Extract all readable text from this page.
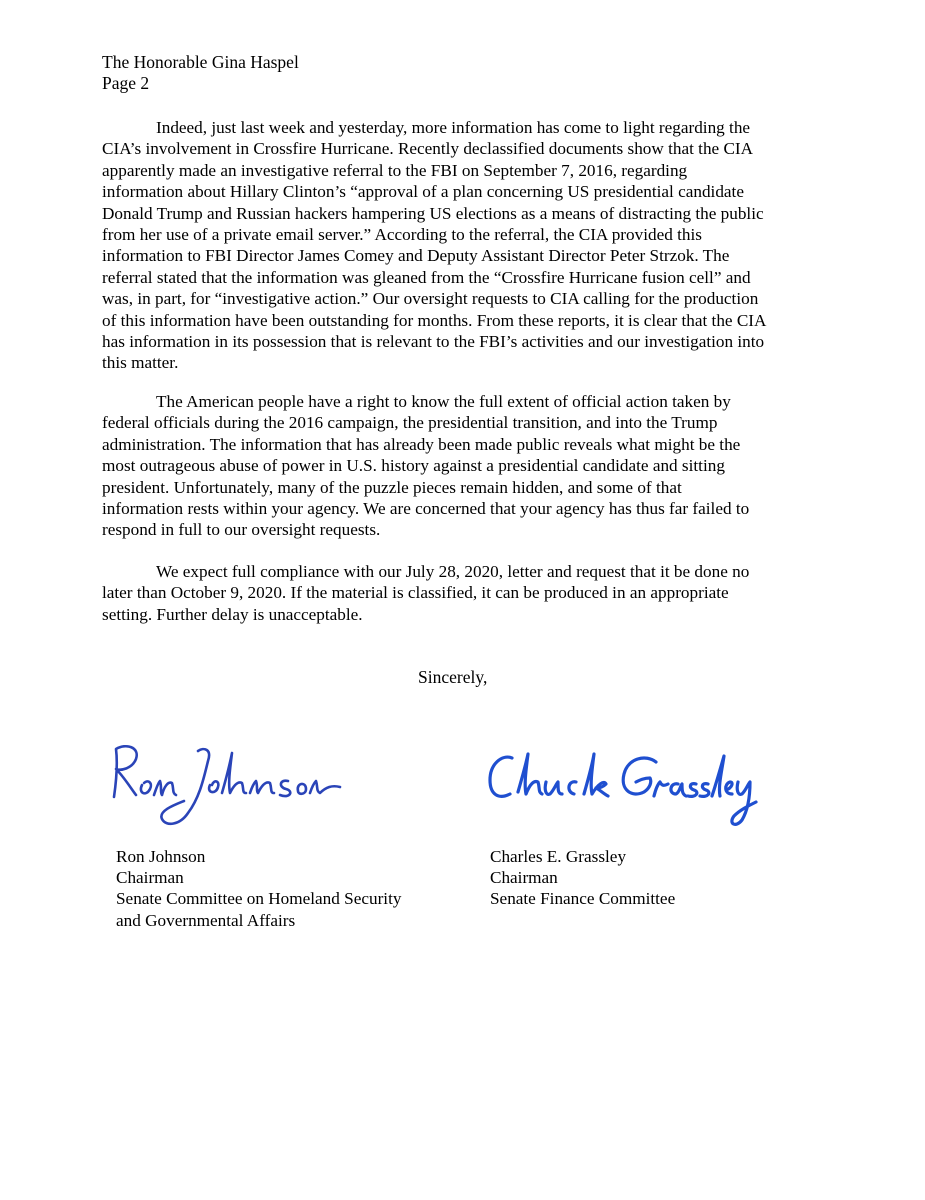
The Honorable Gina Haspel
Page 2
Indeed, just last week and yesterday, more information has come to light regarding the
CIA’s involvement in Crossfire Hurricane. Recently declassified documents show that the CIA
apparently made an investigative referral to the FBI on September 7, 2016, regarding
information about Hillary Clinton’s “approval of a plan concerning US presidential candidate
Donald Trump and Russian hackers hampering US elections as a means of distracting the public
from her use of a private email server.” According to the referral, the CIA provided this
information to FBI Director James Comey and Deputy Assistant Director Peter Strzok. The
referral stated that the information was gleaned from the “Crossfire Hurricane fusion cell” and
was, in part, for “investigative action.” Our oversight requests to CIA calling for the production
of this information have been outstanding for months. From these reports, it is clear that the CIA
has information in its possession that is relevant to the FBI’s activities and our investigation into
this matter.
The American people have a right to know the full extent of official action taken by
federal officials during the 2016 campaign, the presidential transition, and into the Trump
administration. The information that has already been made public reveals what might be the
most outrageous abuse of power in U.S. history against a presidential candidate and sitting
president. Unfortunately, many of the puzzle pieces remain hidden, and some of that
information rests within your agency. We are concerned that your agency has thus far failed to
respond in full to our oversight requests.
We expect full compliance with our July 28, 2020, letter and request that it be done no
later than October 9, 2020. If the material is classified, it can be produced in an appropriate
setting. Further delay is unacceptable.
Sincerely,
Ron Johnson
Chairman
Senate Committee on Homeland Security
and Governmental Affairs
Charles E. Grassley
Chairman
Senate Finance Committee
